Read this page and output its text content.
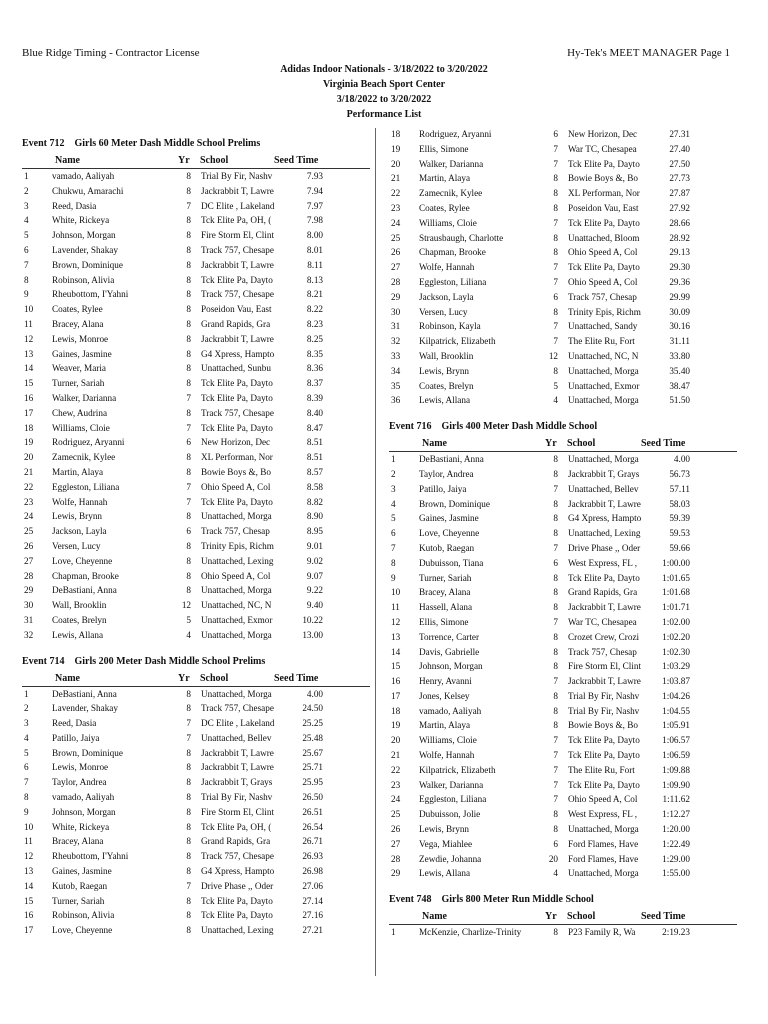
Blue Ridge Timing - Contractor License	Hy-Tek's MEET MANAGER Page 1
Adidas Indoor Nationals - 3/18/2022 to 3/20/2022
Virginia Beach Sport Center
3/18/2022 to 3/20/2022
Performance List
Event 712 Girls 60 Meter Dash Middle School Prelims
Name	Yr	School	Seed Time
1	vamado, Aaliyah	8 Trial By Fir, Nashv	7.93
2	Chukwu, Amarachi	8 Jackrabbit T, Lawre	7.94
3	Reed, Dasia	7 DC Elite , Lakeland	7.97
4	White, Rickeya	8 Tck Elite Pa, OH, (	7.98
5	Johnson, Morgan	8 Fire Storm El, Clint	8.00
6	Lavender, Shakay	8 Track 757, Chesape	8.01
7	Brown, Dominique	8 Jackrabbit T, Lawre	8.11
8	Robinson, Alivia	8 Tck Elite Pa, Dayto	8.13
9	Rheubottom, I'Yahni	8 Track 757, Chesape	8.21
10	Coates, Rylee	8 Poseidon Vau, East	8.22
11	Bracey, Alana	8 Grand Rapids, Gra	8.23
12	Lewis, Monroe	8 Jackrabbit T, Lawre	8.25
13	Gaines, Jasmine	8 G4 Xpress, Hampto	8.35
14	Weaver, Maria	8 Unattached, Sunbu	8.36
15	Turner, Sariah	8 Tck Elite Pa, Dayto	8.37
16	Walker, Darianna	7 Tck Elite Pa, Dayto	8.39
17	Chew, Audrina	8 Track 757, Chesape	8.40
18	Williams, Cloie	7 Tck Elite Pa, Dayto	8.47
19	Rodriguez, Aryanni	6 New Horizon, Dec	8.51
20	Zamecnik, Kylee	8 XL Performan, Nor	8.51
21	Martin, Alaya	8 Bowie Boys &, Bo	8.57
22	Eggleston, Liliana	7 Ohio Speed A, Col	8.58
23	Wolfe, Hannah	7 Tck Elite Pa, Dayto	8.82
24	Lewis, Brynn	8 Unattached, Morga	8.90
25	Jackson, Layla	6 Track 757, Chesap	8.95
26	Versen, Lucy	8 Trinity Epis, Richm	9.01
27	Love, Cheyenne	8 Unattached, Lexing	9.02
28	Chapman, Brooke	8 Ohio Speed A, Col	9.07
29	DeBastiani, Anna	8 Unattached, Morga	9.22
30	Wall, Brooklin	12 Unattached, NC, N	9.40
31	Coates, Brelyn	5 Unattached, Exmor	10.22
32	Lewis, Allana	4 Unattached, Morga	13.00
Event 714 Girls 200 Meter Dash Middle School Prelims
Name	Yr	School	Seed Time
1	DeBastiani, Anna	8 Unattached, Morga	4.00
2	Lavender, Shakay	8 Track 757, Chesape	24.50
3	Reed, Dasia	7 DC Elite , Lakeland	25.25
4	Patillo, Jaiya	7 Unattached, Bellev	25.48
5	Brown, Dominique	8 Jackrabbit T, Lawre	25.67
6	Lewis, Monroe	8 Jackrabbit T, Lawre	25.71
7	Taylor, Andrea	8 Jackrabbit T, Grays	25.95
8	vamado, Aaliyah	8 Trial By Fir, Nashv	26.50
9	Johnson, Morgan	8 Fire Storm El, Clint	26.51
10	White, Rickeya	8 Tck Elite Pa, OH, (	26.54
11	Bracey, Alana	8 Grand Rapids, Gra	26.71
12	Rheubottom, I'Yahni	8 Track 757, Chesape	26.93
13	Gaines, Jasmine	8 G4 Xpress, Hampto	26.98
14	Kutob, Raegan	7 Drive Phase ,, Oder	27.06
15	Turner, Sariah	8 Tck Elite Pa, Dayto	27.14
16	Robinson, Alivia	8 Tck Elite Pa, Dayto	27.16
17	Love, Cheyenne	8 Unattached, Lexing	27.21
18	Rodriguez, Aryanni	6 New Horizon, Dec	27.31
19	Ellis, Simone	7 War TC, Chesapea	27.40
20	Walker, Darianna	7 Tck Elite Pa, Dayto	27.50
21	Martin, Alaya	8 Bowie Boys &, Bo	27.73
22	Zamecnik, Kylee	8 XL Performan, Nor	27.87
23	Coates, Rylee	8 Poseidon Vau, East	27.92
24	Williams, Cloie	7 Tck Elite Pa, Dayto	28.66
25	Strausbaugh, Charlotte	8 Unattached, Bloom	28.92
26	Chapman, Brooke	8 Ohio Speed A, Col	29.13
27	Wolfe, Hannah	7 Tck Elite Pa, Dayto	29.30
28	Eggleston, Liliana	7 Ohio Speed A, Col	29.36
29	Jackson, Layla	6 Track 757, Chesap	29.99
30	Versen, Lucy	8 Trinity Epis, Richm	30.09
31	Robinson, Kayla	7 Unattached, Sandy	30.16
32	Kilpatrick, Elizabeth	7 The Elite Ru, Fort	31.11
33	Wall, Brooklin	12 Unattached, NC, N	33.80
34	Lewis, Brynn	8 Unattached, Morga	35.40
35	Coates, Brelyn	5 Unattached, Exmor	38.47
36	Lewis, Allana	4 Unattached, Morga	51.50
Event 716 Girls 400 Meter Dash Middle School
Name	Yr	School	Seed Time
1	DeBastiani, Anna	8 Unattached, Morga	4.00
2	Taylor, Andrea	8 Jackrabbit T, Grays	56.73
3	Patillo, Jaiya	7 Unattached, Bellev	57.11
4	Brown, Dominique	8 Jackrabbit T, Lawre	58.03
5	Gaines, Jasmine	8 G4 Xpress, Hampto	59.39
6	Love, Cheyenne	8 Unattached, Lexing	59.53
7	Kutob, Raegan	7 Drive Phase ,, Oder	59.66
8	Dubuisson, Tiana	6 West Express, FL ,	1:00.00
9	Turner, Sariah	8 Tck Elite Pa, Dayto	1:01.65
10	Bracey, Alana	8 Grand Rapids, Gra	1:01.68
11	Hassell, Alana	8 Jackrabbit T, Lawre	1:01.71
12	Ellis, Simone	7 War TC, Chesapea	1:02.00
13	Torrence, Carter	8 Crozet Crew, Crozi	1:02.20
14	Davis, Gabrielle	8 Track 757, Chesap	1:02.30
15	Johnson, Morgan	8 Fire Storm El, Clint	1:03.29
16	Henry, Avanni	7 Jackrabbit T, Lawre	1:03.87
17	Jones, Kelsey	8 Trial By Fir, Nashv	1:04.26
18	vamado, Aaliyah	8 Trial By Fir, Nashv	1:04.55
19	Martin, Alaya	8 Bowie Boys &, Bo	1:05.91
20	Williams, Cloie	7 Tck Elite Pa, Dayto	1:06.57
21	Wolfe, Hannah	7 Tck Elite Pa, Dayto	1:06.59
22	Kilpatrick, Elizabeth	7 The Elite Ru, Fort	1:09.88
23	Walker, Darianna	7 Tck Elite Pa, Dayto	1:09.90
24	Eggleston, Liliana	7 Ohio Speed A, Col	1:11.62
25	Dubuisson, Jolie	8 West Express, FL ,	1:12.27
26	Lewis, Brynn	8 Unattached, Morga	1:20.00
27	Vega, Miahlee	6 Ford Flames, Have	1:22.49
28	Zewdie, Johanna	20 Ford Flames, Have	1:29.00
29	Lewis, Allana	4 Unattached, Morga	1:55.00
Event 748 Girls 800 Meter Run Middle School
Name	Yr	School	Seed Time
1	McKenzie, Charlize-Trinity	8 P23 Family R, Wa	2:19.23
